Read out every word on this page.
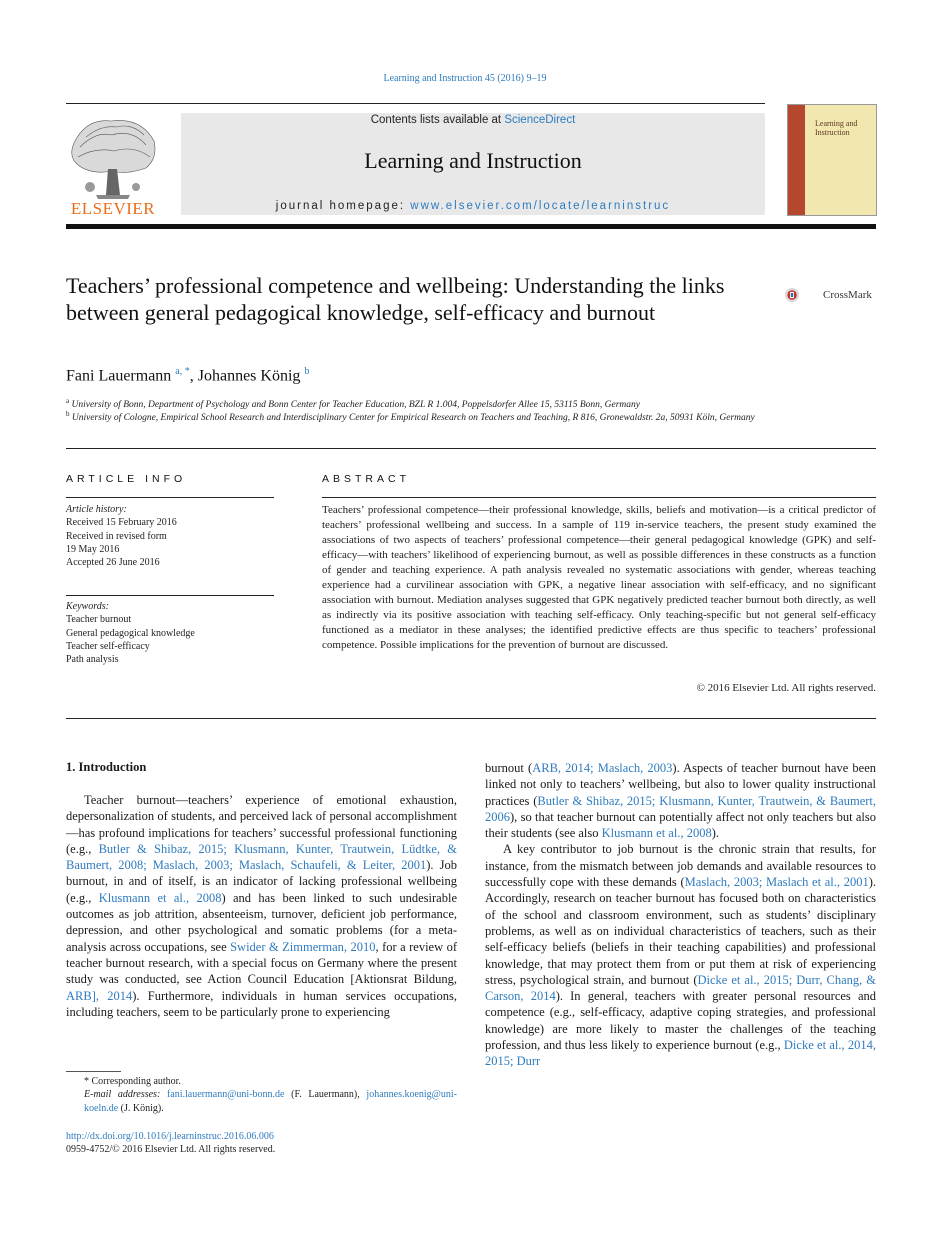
Learning and Instruction 45 (2016) 9–19
ELSEVIER
Contents lists available at ScienceDirect
Learning and Instruction
journal homepage: www.elsevier.com/locate/learninstruc
Learning and Instruction
Teachers’ professional competence and wellbeing: Understanding the links between general pedagogical knowledge, self-efficacy and burnout
CrossMark
Fani Lauermann $^{a, *}$, Johannes König $^b$
$^a$ University of Bonn, Department of Psychology and Bonn Center for Teacher Education, BZL R 1.004, Poppelsdorfer Allee 15, 53115 Bonn, Germany
$^b$ University of Cologne, Empirical School Research and Interdisciplinary Center for Empirical Research on Teachers and Teaching, R 816, Gronewaldstr. 2a, 50931 Köln, Germany
ARTICLE INFO
Article history:
Received 15 February 2016
Received in revised form
19 May 2016
Accepted 26 June 2016
Keywords:
Teacher burnout
General pedagogical knowledge
Teacher self-efficacy
Path analysis
ABSTRACT
Teachers’ professional competence—their professional knowledge, skills, beliefs and motivation—is a critical predictor of teachers’ professional wellbeing and success. In a sample of 119 in-service teachers, the present study examined the associations of two aspects of teachers’ professional competence—their general pedagogical knowledge (GPK) and self-efficacy—with teachers’ likelihood of experiencing burnout, as well as possible differences in these constructs as a function of gender and teaching experience. A path analysis revealed no systematic associations with gender, whereas teaching experience had a curvilinear association with GPK, a negative linear association with self-efficacy, and no significant association with burnout. Mediation analyses suggested that GPK negatively predicted teacher burnout both directly, as well as indirectly via its positive association with teaching self-efficacy. Only teaching-specific but not general self-efficacy functioned as a mediator in these analyses; the identified predictive effects are thus specific to teachers’ professional competence. Possible implications for the prevention of burnout are discussed.
© 2016 Elsevier Ltd. All rights reserved.
1. Introduction

Teacher burnout—teachers’ experience of emotional exhaustion, depersonalization of students, and perceived lack of personal accomplishment—has profound implications for teachers’ successful professional functioning (e.g., Butler & Shibaz, 2015; Klusmann, Kunter, Trautwein, Lüdtke, & Baumert, 2008; Maslach, 2003; Maslach, Schaufeli, & Leiter, 2001). Job burnout, in and of itself, is an indicator of lacking professional wellbeing (e.g., Klusmann et al., 2008) and has been linked to such undesirable outcomes as job attrition, absenteeism, turnover, deficient job performance, depression, and other psychological and somatic problems (for a meta-analysis across occupations, see Swider & Zimmerman, 2010, for a review of teacher burnout research, with a special focus on Germany where the present study was conducted, see Action Council Education [Aktionsrat Bildung, ARB], 2014). Furthermore, individuals in human services occupations, including teachers, seem to be particularly prone to experiencing

burnout (ARB, 2014; Maslach, 2003). Aspects of teacher burnout have been linked not only to teachers’ wellbeing, but also to lower quality instructional practices (Butler & Shibaz, 2015; Klusmann, Kunter, Trautwein, & Baumert, 2006), so that teacher burnout can potentially affect not only teachers but also their students (see also Klusmann et al., 2008).

A key contributor to job burnout is the chronic strain that results, for instance, from the mismatch between job demands and available resources to successfully cope with these demands (Maslach, 2003; Maslach et al., 2001). Accordingly, research on teacher burnout has focused both on characteristics of the school and classroom environment, such as students’ disciplinary problems, as well as on individual characteristics of teachers, such as their self-efficacy beliefs (beliefs in their teaching capabilities) and professional knowledge, that may protect them from or put them at risk of experiencing stress, psychological strain, and burnout (Dicke et al., 2015; Durr, Chang, & Carson, 2014). In general, teachers with greater personal resources and competence (e.g., self-efficacy, adaptive coping strategies, and professional knowledge) are more likely to master the challenges of the teaching profession, and thus less likely to experience burnout (e.g., Dicke et al., 2014, 2015; Durr

* Corresponding author.
E-mail addresses: fani.lauermann@uni-bonn.de (F. Lauermann), johannes.koenig@uni-koeln.de (J. König).
http://dx.doi.org/10.1016/j.learninstruc.2016.06.006
0959-4752/© 2016 Elsevier Ltd. All rights reserved.
